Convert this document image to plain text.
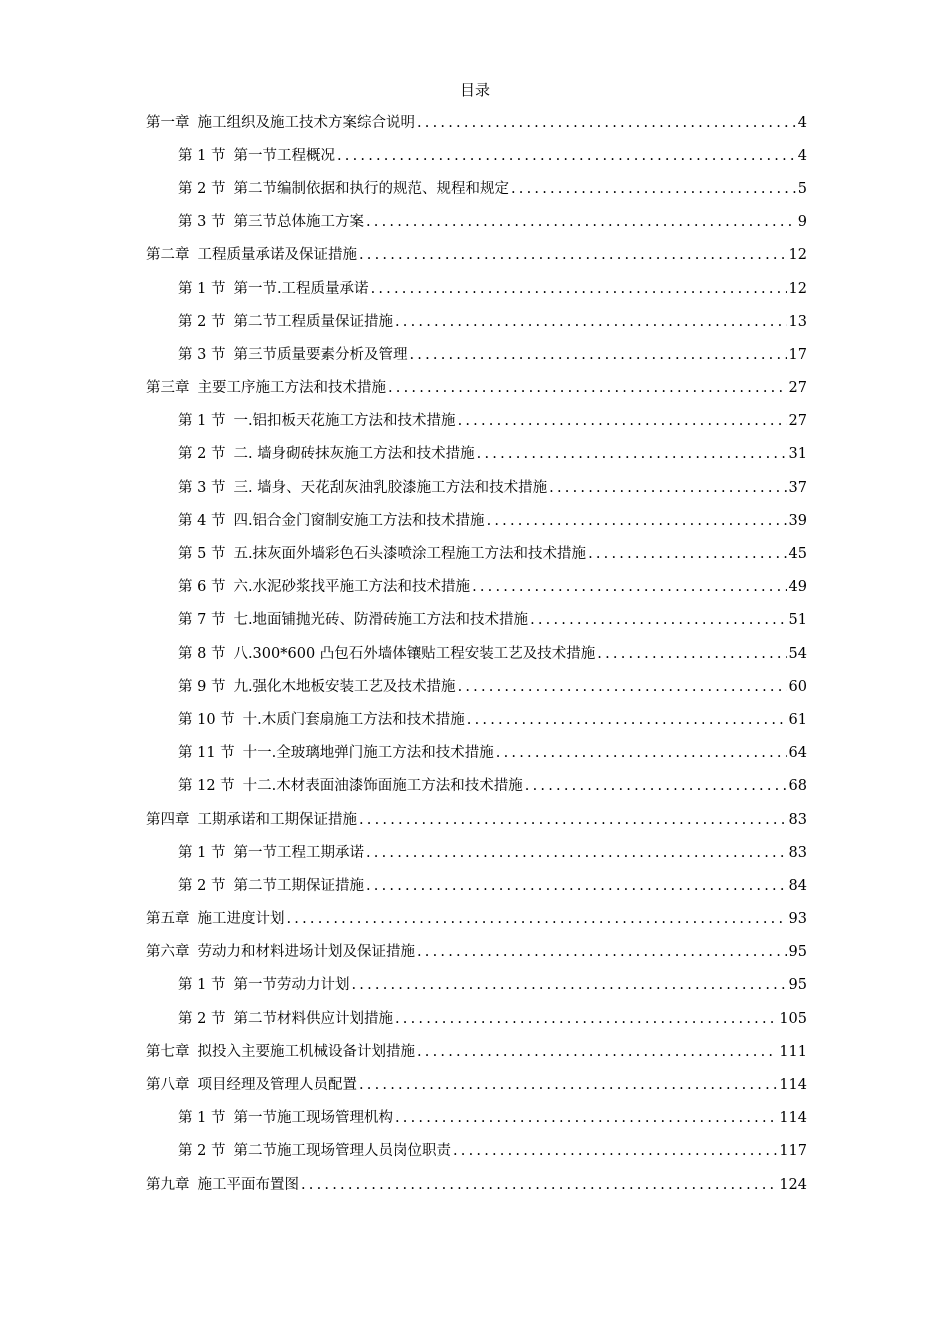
目录
第一章 施工组织及施工技术方案综合说明 .....	4
第 1 节 第一节工程概况 .....	4
第 2 节 第二节编制依据和执行的规范、规程和规定 .....	5
第 3 节 第三节总体施工方案 .....	9
第二章 工程质量承诺及保证措施 .....	12
第 1 节 第一节.工程质量承诺 .....	12
第 2 节 第二节工程质量保证措施 .....	13
第 3 节 第三节质量要素分析及管理 .....	17
第三章 主要工序施工方法和技术措施 .....	27
第 1 节 一.铝扣板天花施工方法和技术措施 .....	27
第 2 节 二. 墙身砌砖抹灰施工方法和技术措施 .....	31
第 3 节 三. 墙身、天花刮灰油乳胶漆施工方法和技术措施 .....	37
第 4 节 四.铝合金门窗制安施工方法和技术措施 .....	39
第 5 节 五.抹灰面外墙彩色石头漆喷涂工程施工方法和技术措施 .....	45
第 6 节 六.水泥砂浆找平施工方法和技术措施 .....	49
第 7 节 七.地面铺抛光砖、防滑砖施工方法和技术措施 .....	51
第 8 节 八.300*600 凸包石外墙体镶贴工程安装工艺及技术措施 .....	54
第 9 节 九.强化木地板安装工艺及技术措施 .....	60
第 10 节 十.木质门套扇施工方法和技术措施 .....	61
第 11 节 十一.全玻璃地弹门施工方法和技术措施 .....	64
第 12 节 十二.木材表面油漆饰面施工方法和技术措施 .....	68
第四章 工期承诺和工期保证措施 .....	83
第 1 节 第一节工程工期承诺 .....	83
第 2 节 第二节工期保证措施 .....	84
第五章 施工进度计划 .....	93
第六章 劳动力和材料进场计划及保证措施 .....	95
第 1 节 第一节劳动力计划 .....	95
第 2 节 第二节材料供应计划措施 .....	105
第七章 拟投入主要施工机械设备计划措施 .....	111
第八章 项目经理及管理人员配置 .....	114
第 1 节 第一节施工现场管理机构 .....	114
第 2 节 第二节施工现场管理人员岗位职责 .....	117
第九章 施工平面布置图 .....	124
